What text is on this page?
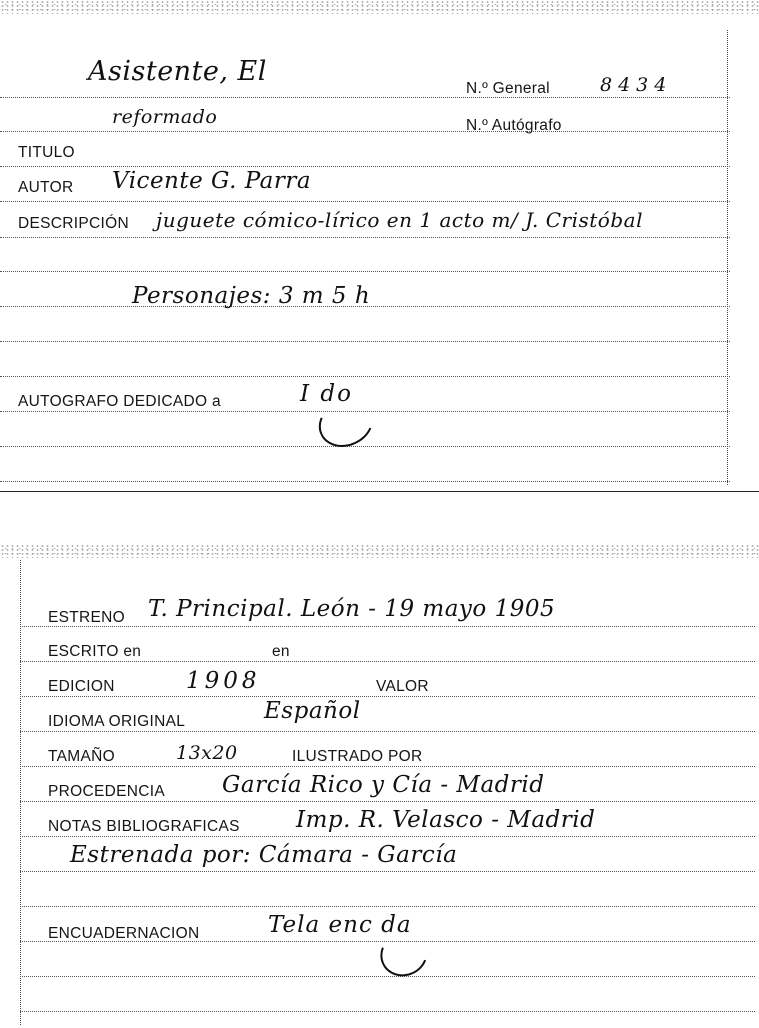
Asistente, El
reformado
N.º General	8434
N.º Autógrafo
TITULO
AUTOR Vicente G. Parra
DESCRIPCIÓN juguete cómico-lírico en 1 acto m/ J. Cristóbal
Personajes: 3 m 5 h
AUTOGRAFO DEDICADO a	I do
ESTRENO T. Principal. León - 19 mayo 1905
ESCRITO en	en
EDICION	1908	VALOR
IDIOMA ORIGINAL	Español
TAMAÑO	13x20	ILUSTRADO POR
PROCEDENCIA García Rico y Cía - Madrid
NOTAS BIBLIOGRAFICAS Imp. R. Velasco - Madrid
Estrenada por: Cámara - García
ENCUADERNACION	Tela enc da
